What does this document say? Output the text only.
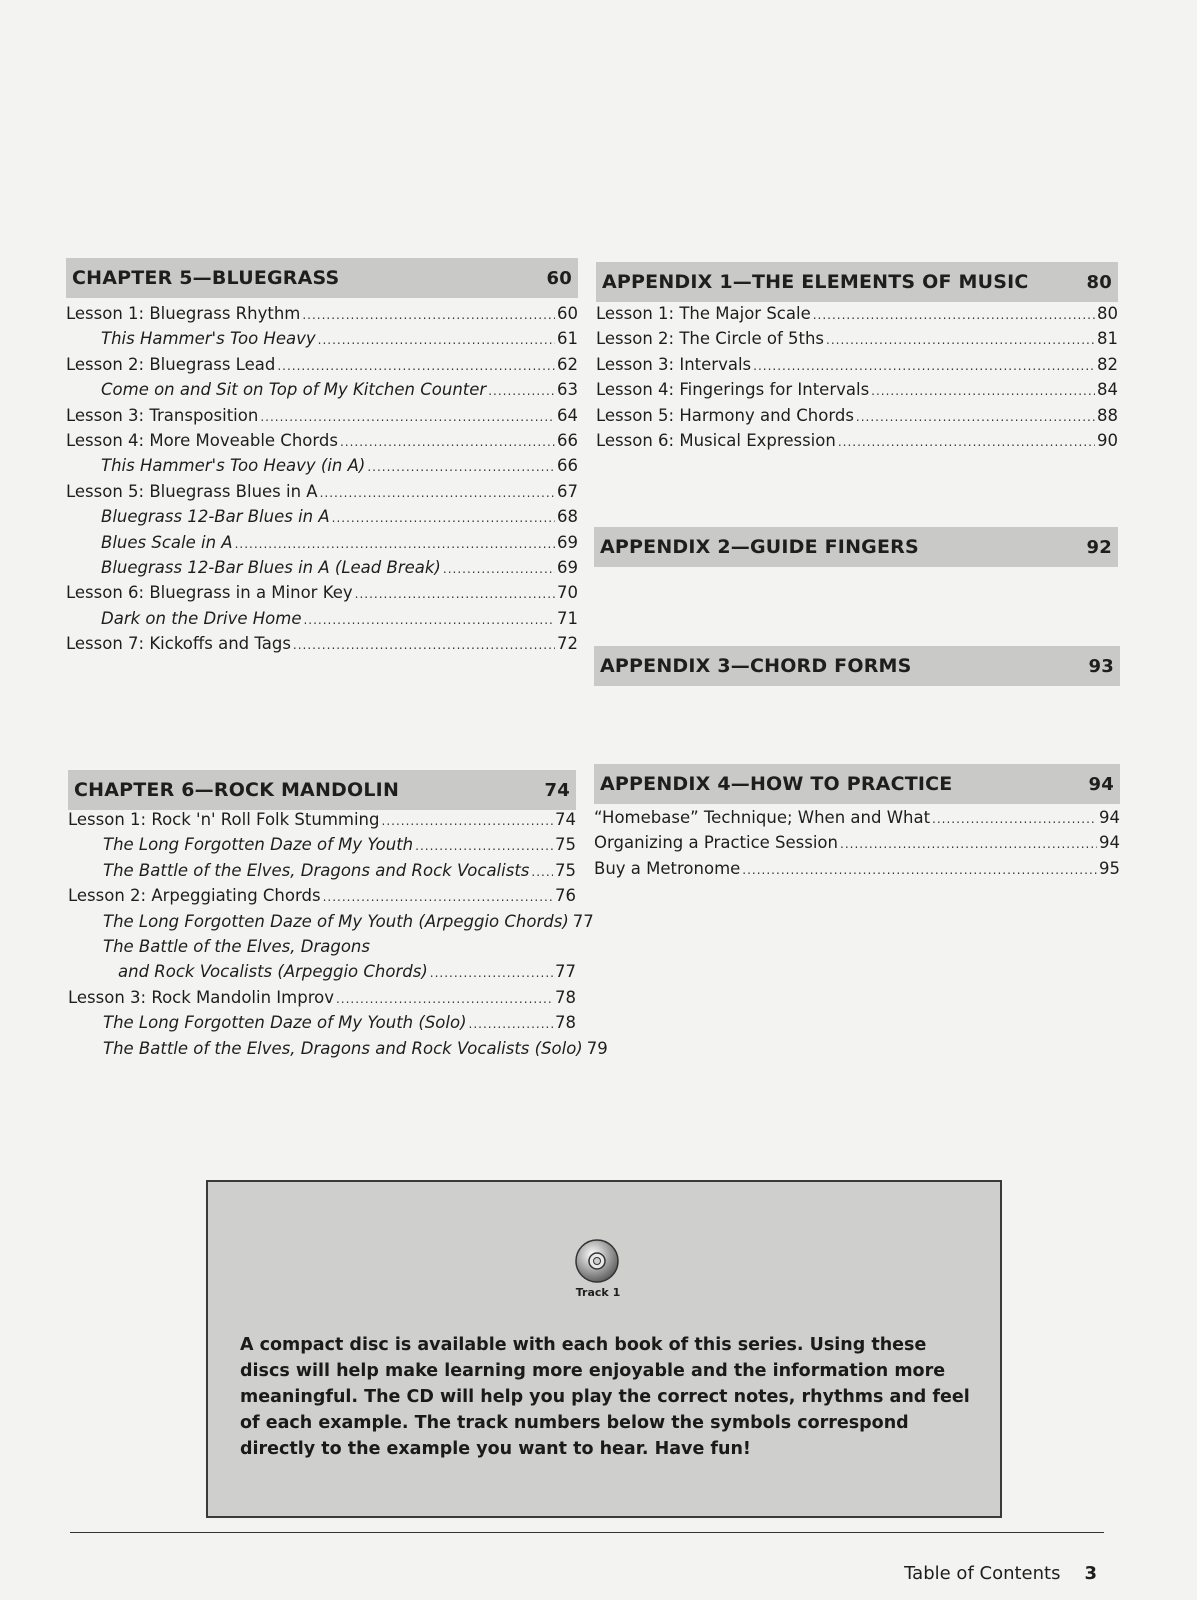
CHAPTER 5—BLUEGRASS	60
Lesson 1: Bluegrass Rhythm .....	60
This Hammer's Too Heavy .....	61
Lesson 2: Bluegrass Lead .....	62
Come on and Sit on Top of My Kitchen Counter .....	63
Lesson 3: Transposition .....	64
Lesson 4: More Moveable Chords .....	66
This Hammer's Too Heavy (in A) .....	66
Lesson 5: Bluegrass Blues in A .....	67
Bluegrass 12-Bar Blues in A .....	68
Blues Scale in A .....	69
Bluegrass 12-Bar Blues in A (Lead Break) .....	69
Lesson 6: Bluegrass in a Minor Key .....	70
Dark on the Drive Home .....	71
Lesson 7: Kickoffs and Tags .....	72
CHAPTER 6—ROCK MANDOLIN	74
Lesson 1: Rock 'n' Roll Folk Stumming .....	74
The Long Forgotten Daze of My Youth .....	75
The Battle of the Elves, Dragons and Rock Vocalists ..... 75
Lesson 2: Arpeggiating Chords .....	76
The Long Forgotten Daze of My Youth (Arpeggio Chords) 77
The Battle of the Elves, Dragons
and Rock Vocalists (Arpeggio Chords) .....	77
Lesson 3: Rock Mandolin Improv .....	78
The Long Forgotten Daze of My Youth (Solo) .....	78
The Battle of the Elves, Dragons and Rock Vocalists (Solo) 79
APPENDIX 1—THE ELEMENTS OF MUSIC	80
Lesson 1: The Major Scale .....	80
Lesson 2: The Circle of 5ths .....	81
Lesson 3: Intervals .....	82
Lesson 4: Fingerings for Intervals .....	84
Lesson 5: Harmony and Chords .....	88
Lesson 6: Musical Expression .....	90
APPENDIX 2—GUIDE FINGERS	92
APPENDIX 3—CHORD FORMS	93
APPENDIX 4—HOW TO PRACTICE	94
“Homebase” Technique; When and What .....	94
Organizing a Practice Session .....	94
Buy a Metronome .....	95
Track 1
A compact disc is available with each book of this series. Using these discs will help make learning more enjoyable and the information more meaningful. The CD will help you play the correct notes, rhythms and feel of each example. The track numbers below the symbols correspond directly to the example you want to hear. Have fun!
Table of Contents 3
